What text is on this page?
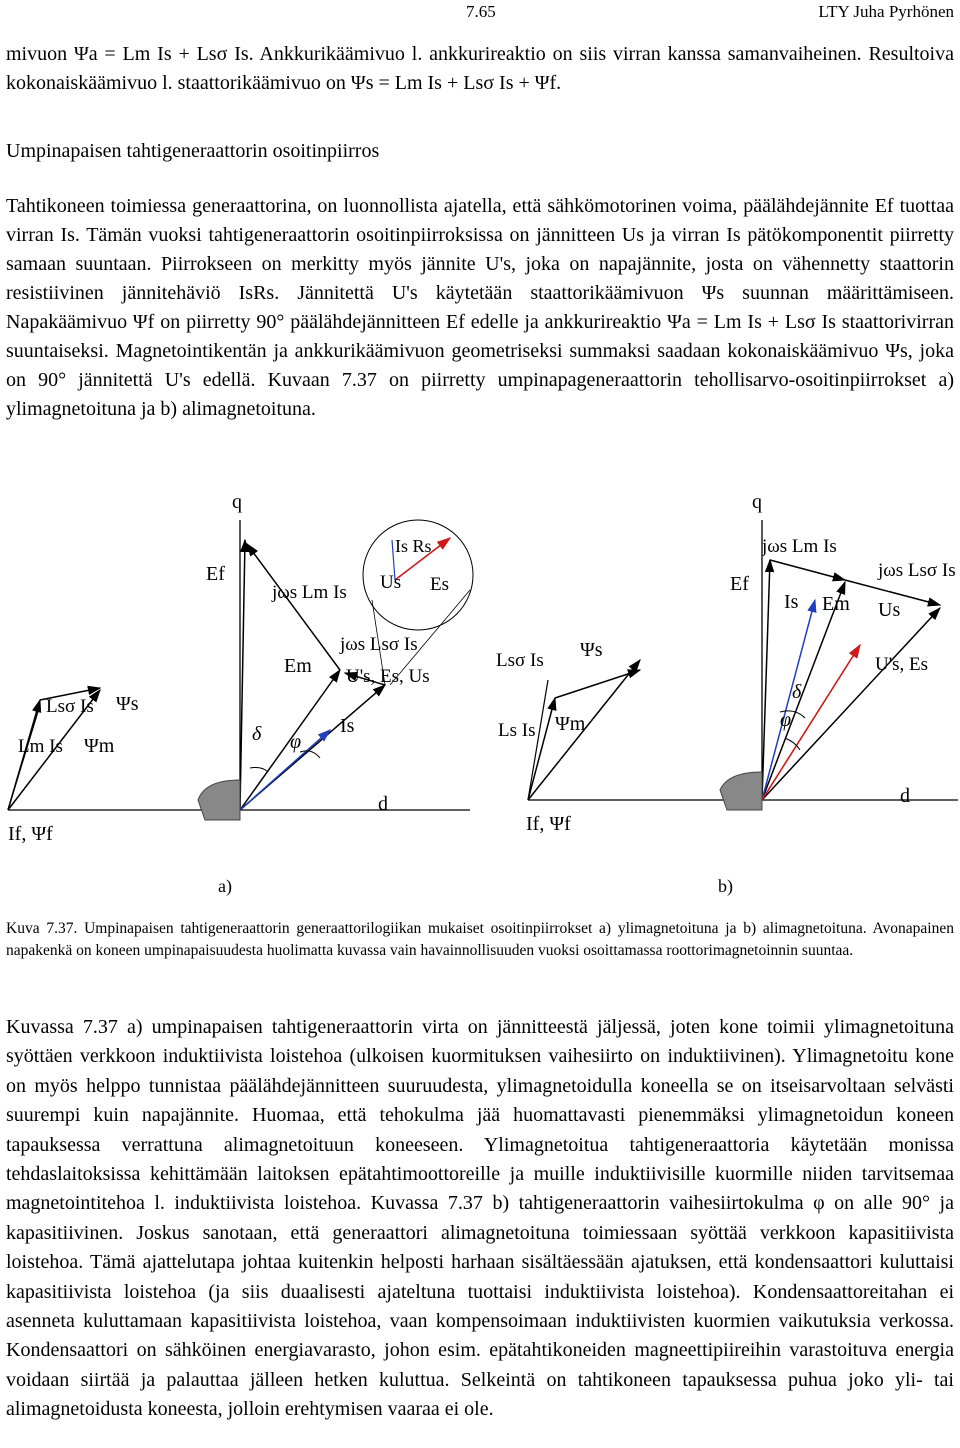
7.65	LTY Juha Pyrhönen

mivuon Ψa = Lm Is + Lsσ Is. Ankkurikäämivuo l. ankkurireaktio on siis virran kanssa samanvaiheinen. Resultoiva kokonaiskäämivuo l. staattorikäämivuo on Ψs = Lm Is + Lsσ Is + Ψf.

Umpinapaisen tahtigeneraattorin osoitinpiirros

Tahtikoneen toimiessa generaattorina, on luonnollista ajatella, että sähkömotorinen voima, päälähdejännite Ef tuottaa virran Is. Tämän vuoksi tahtigeneraattorin osoitinpiirroksissa on jännitteen Us ja virran Is pätökomponentit piirretty samaan suuntaan. Piirrokseen on merkitty myös jännite U's, joka on napajännite, josta on vähennetty staattorin resistiivinen jännitehäviö IsRs. Jännitettä U's käytetään staattorikäämivuon Ψs suunnan määrittämiseen. Napakäämivuo Ψf on piirretty 90° päälähdejännitteen Ef edelle ja ankkurireaktio Ψa = Lm Is + Lsσ Is staattorivirran suuntaiseksi. Magnetointikentän ja ankkurikäämivuon geometriseksi summaksi saadaan kokonaiskäämivuo Ψs, joka on 90° jännitettä U's edellä. Kuvaan 7.37 on piirretty umpinapageneraattorin tehollisarvo-osoitinpiirrokset a) ylimagnetoituna ja b) alimagnetoituna.

q
d
Ef
jωs Lm Is
Is Rs
Us Es
Em
jωs Lsσ Is
U's, Es, Us
Lsσ Is Ψs
Lm Is Ψm
δ φ
Is
If, Ψf
a)
q
d
Ef
jωs Lm Is
jωs Lsσ Is
Is Em Us
U's, Es
Lsσ Is Ψs
Ls Is Ψm
δ
φ
If, Ψf
b)

Kuva 7.37. Umpinapaisen tahtigeneraattorin generaattorilogiikan mukaiset osoitinpiirrokset a) ylimagnetoituna ja b) alimagnetoituna. Avonapainen napakenkä on koneen umpinapaisuudesta huolimatta kuvassa vain havainnollisuuden vuoksi osoittamassa roottorimagnetoinnin suuntaa.

Kuvassa 7.37 a) umpinapaisen tahtigeneraattorin virta on jännitteestä jäljessä, joten kone toimii ylimagnetoituna syöttäen verkkoon induktiivista loistehoa (ulkoisen kuormituksen vaihesiirto on induktiivinen). Ylimagnetoitu kone on myös helppo tunnistaa päälähdejännitteen suuruudesta, ylimagnetoidulla koneella se on itseisarvoltaan selvästi suurempi kuin napajännite. Huomaa, että tehokulma jää huomattavasti pienemmäksi ylimagnetoidun koneen tapauksessa verrattuna alimagnetoituun koneeseen. Ylimagnetoitua tahtigeneraattoria käytetään monissa tehdaslaitoksissa kehittämään laitoksen epätahtimoottoreille ja muille induktiivisille kuormille niiden tarvitsemaa magnetointitehoa l. induktiivista loistehoa. Kuvassa 7.37 b) tahtigeneraattorin vaihesiirtokulma φ on alle 90° ja kapasitiivinen. Joskus sanotaan, että generaattori alimagnetoituna toimiessaan syöttää verkkoon kapasitiivista loistehoa. Tämä ajattelutapa johtaa kuitenkin helposti harhaan sisältäessään ajatuksen, että kondensaattori kuluttaisi kapasitiivista loistehoa (ja siis duaalisesti ajateltuna tuottaisi induktiivista loistehoa). Kondensaattoreitahan ei asenneta kuluttamaan kapasitiivista loistehoa, vaan kompensoimaan induktiivisten kuormien vaikutuksia verkossa. Kondensaattori on sähköinen energiavarasto, johon esim. epätahtikoneiden magneettipiireihin varastoituva energia voidaan siirtää ja palauttaa jälleen hetken kuluttua. Selkeintä on tahtikoneen tapauksessa puhua joko yli- tai alimagnetoidusta koneesta, jolloin erehtymisen vaaraa ei ole.
